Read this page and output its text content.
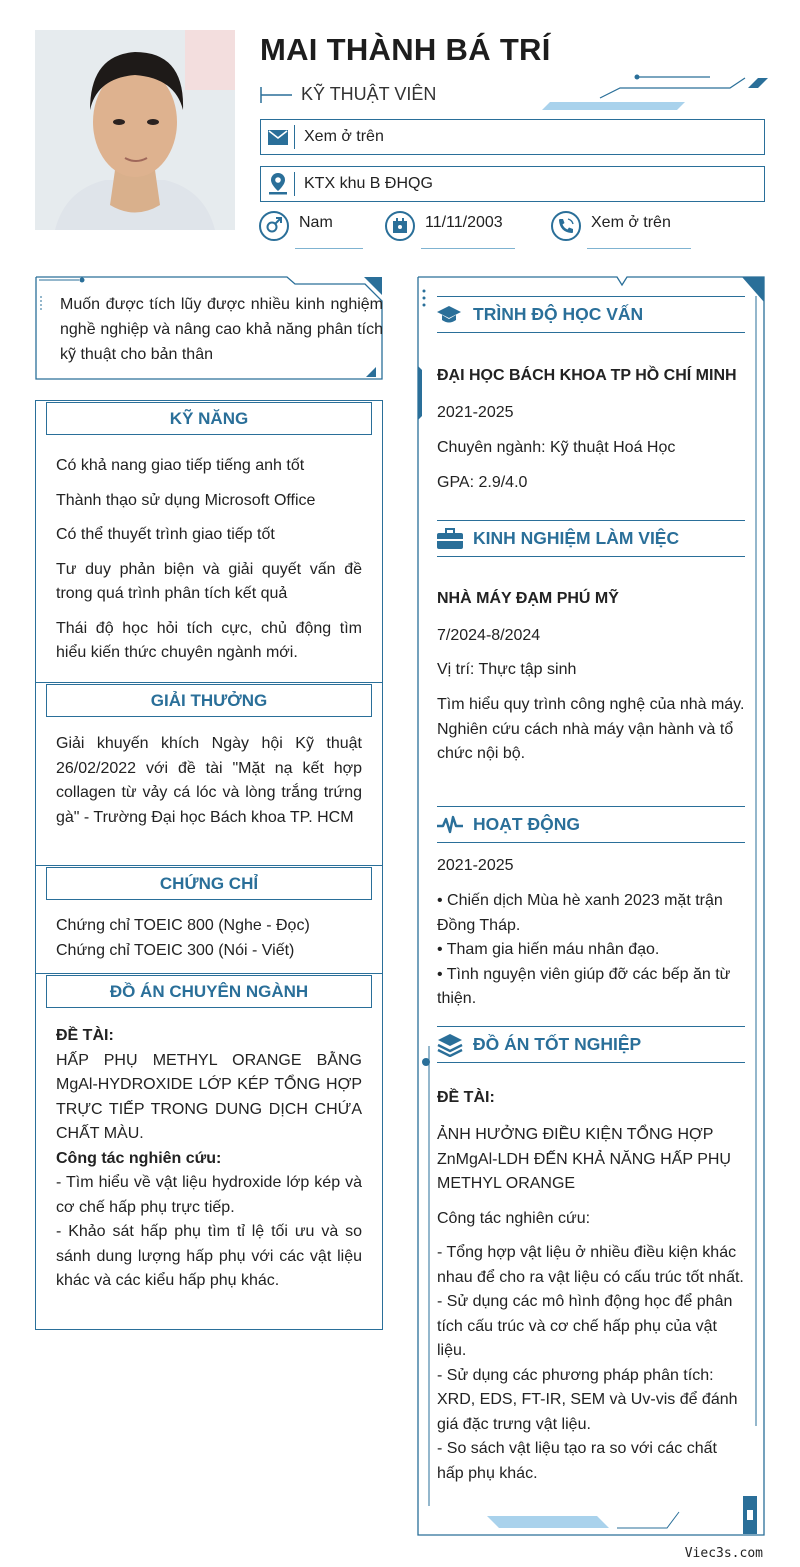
MAI THÀNH BÁ TRÍ
KỸ THUẬT VIÊN
Xem ở trên
KTX khu B ĐHQG
Nam	11/11/2003	Xem ở trên

Muốn được tích lũy được nhiều kinh nghiệm nghề nghiệp và nâng cao khả năng phân tích kỹ thuật cho bản thân

KỸ NĂNG

Có khả nang giao tiếp tiếng anh tốt

Thành thạo sử dụng Microsoft Office

Có thể thuyết trình giao tiếp tốt

Tư duy phản biện và giải quyết vấn đề trong quá trình phân tích kết quả

Thái độ học hỏi tích cực, chủ động tìm hiểu kiến thức chuyên ngành mới.

GIẢI THƯỞNG
Giải khuyến khích Ngày hội Kỹ thuật 26/02/2022 với đề tài "Mặt nạ kết hợp collagen từ vảy cá lóc và lòng trắng trứng gà" - Trường Đại học Bách khoa TP. HCM
CHỨNG CHỈ
Chứng chỉ TOEIC 800 (Nghe - Đọc)
Chứng chỉ TOEIC 300 (Nói - Viết)
ĐỒ ÁN CHUYÊN NGÀNH
ĐỀ TÀI:
HẤP PHỤ METHYL ORANGE BẰNG MgAl-HYDROXIDE LỚP KÉP TỔNG HỢP TRỰC TIẾP TRONG DUNG DỊCH CHỨA CHẤT MÀU.
Công tác nghiên cứu:
- Tìm hiểu về vật liệu hydroxide lớp kép và cơ chế hấp phụ trực tiếp.
- Khảo sát hấp phụ tìm tỉ lệ tối ưu và so sánh dung lượng hấp phụ với các vật liệu khác và các kiểu hấp phụ khác.
TRÌNH ĐỘ HỌC VẤN
ĐẠI HỌC BÁCH KHOA TP HỒ CHÍ MINH
2021-2025
Chuyên ngành: Kỹ thuật Hoá Học
GPA: 2.9/4.0
KINH NGHIỆM LÀM VIỆC
NHÀ MÁY ĐẠM PHÚ MỸ
7/2024-8/2024
Vị trí: Thực tập sinh
Tìm hiểu quy trình công nghệ của nhà máy.
Nghiên cứu cách nhà máy vận hành và tổ chức nội bộ.
HOẠT ĐỘNG
2021-2025
• Chiến dịch Mùa hè xanh 2023 mặt trận Đồng Tháp.
• Tham gia hiến máu nhân đạo.
• Tình nguyện viên giúp đỡ các bếp ăn từ thiện.
ĐỒ ÁN TỐT NGHIỆP
ĐỀ TÀI:
ẢNH HƯỞNG ĐIỀU KIỆN TỔNG HỢP ZnMgAl-LDH ĐẾN KHẢ NĂNG HẤP PHỤ METHYL ORANGE
Công tác nghiên cứu:
- Tổng hợp vật liệu ở nhiều điều kiện khác nhau để cho ra vật liệu có cấu trúc tốt nhất.
- Sử dụng các mô hình động học để phân tích cấu trúc và cơ chế hấp phụ của vật liệu.
- Sử dụng các phương pháp phân tích: XRD, EDS, FT-IR, SEM và Uv-vis để đánh giá đặc trưng vật liệu.
- So sách vật liệu tạo ra so với các chất hấp phụ khác.
Viec3s.com
